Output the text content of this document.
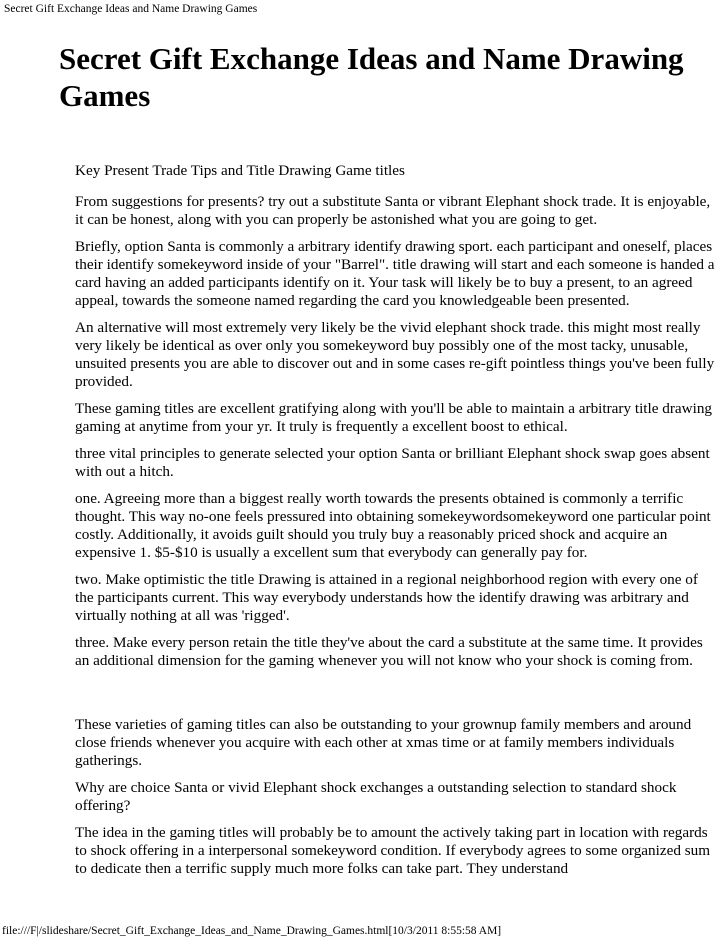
Secret Gift Exchange Ideas and Name Drawing Games
Secret Gift Exchange Ideas and Name Drawing Games

Key Present Trade Tips and Title Drawing Game titles

From suggestions for presents? try out a substitute Santa or vibrant Elephant shock trade. It is enjoyable, it can be honest, along with you can properly be astonished what you are going to get.

Briefly, option Santa is commonly a arbitrary identify drawing sport. each participant and oneself, places their identify somekeyword inside of your "Barrel". title drawing will start and each someone is handed a card having an added participants identify on it. Your task will likely be to buy a present, to an agreed appeal, towards the someone named regarding the card you knowledgeable been presented.

An alternative will most extremely very likely be the vivid elephant shock trade. this might most really very likely be identical as over only you somekeyword buy possibly one of the most tacky, unusable, unsuited presents you are able to discover out and in some cases re-gift pointless things you've been fully provided.

These gaming titles are excellent gratifying along with you'll be able to maintain a arbitrary title drawing gaming at anytime from your yr. It truly is frequently a excellent boost to ethical.

three vital principles to generate selected your option Santa or brilliant Elephant shock swap goes absent with out a hitch.

one. Agreeing more than a biggest really worth towards the presents obtained is commonly a terrific thought. This way no-one feels pressured into obtaining somekeywordsomekeyword one particular point costly. Additionally, it avoids guilt should you truly buy a reasonably priced shock and acquire an expensive 1. $5-$10 is usually a excellent sum that everybody can generally pay for.

two. Make optimistic the title Drawing is attained in a regional neighborhood region with every one of the participants current. This way everybody understands how the identify drawing was arbitrary and virtually nothing at all was 'rigged'.

three. Make every person retain the title they've about the card a substitute at the same time. It provides an additional dimension for the gaming whenever you will not know who your shock is coming from.

These varieties of gaming titles can also be outstanding to your grownup family members and around close friends whenever you acquire with each other at xmas time or at family members individuals gatherings.

Why are choice Santa or vivid Elephant shock exchanges a outstanding selection to standard shock offering?

The idea in the gaming titles will probably be to amount the actively taking part in location with regards to shock offering in a interpersonal somekeyword condition. If everybody agrees to some organized sum to dedicate then a terrific supply much more folks can take part. They understand

file:///F|/slideshare/Secret_Gift_Exchange_Ideas_and_Name_Drawing_Games.html[10/3/2011 8:55:58 AM]
